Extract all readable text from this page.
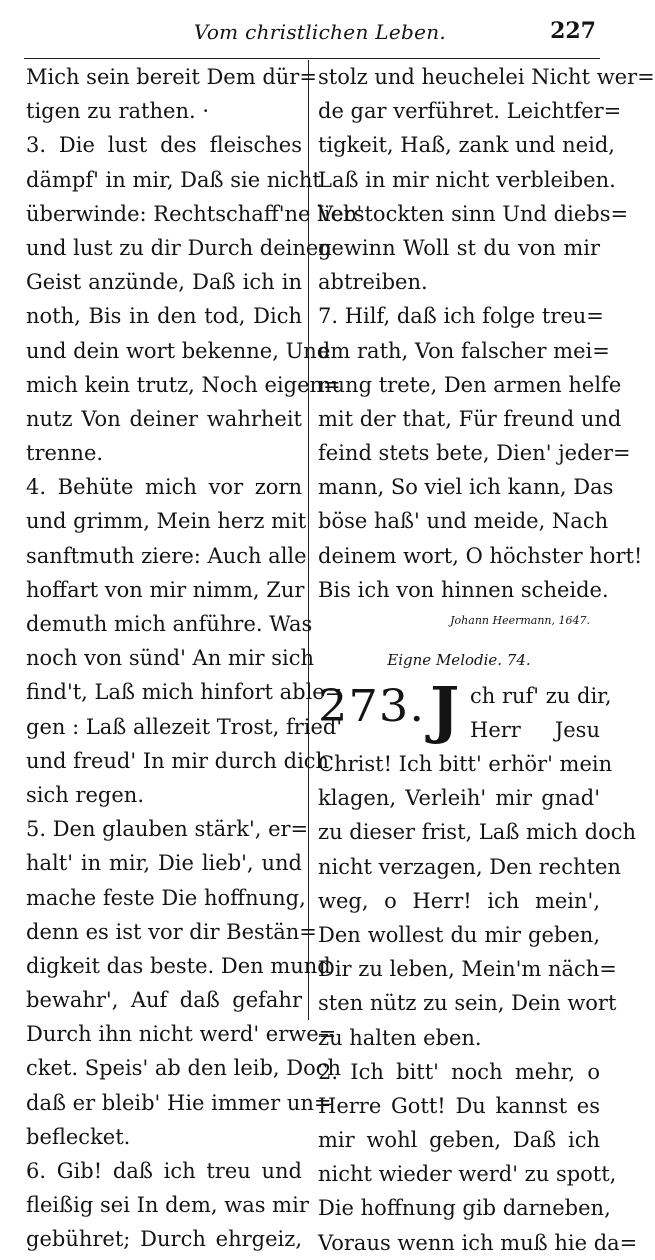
Vom christlichen Leben.	227
Mich sein bereit Dem dür=
tigen zu rathen. ·
3. Die lust des fleisches
dämpf' in mir, Daß sie nicht
überwinde: Rechtschaff'ne lieb'
und lust zu dir Durch deinen
Geist anzünde, Daß ich in
noth, Bis in den tod, Dich
und dein wort bekenne, Und
mich kein trutz, Noch eigen=
nutz Von deiner wahrheit
trenne.
4. Behüte mich vor zorn
und grimm, Mein herz mit
sanftmuth ziere: Auch alle
hoffart von mir nimm, Zur
demuth mich anführe. Was
noch von sünd' An mir sich
find't, Laß mich hinfort able=
gen : Laß allezeit Trost, fried'
und freud' In mir durch dich
sich regen.
5. Den glauben stärk', er=
halt' in mir, Die lieb', und
mache feste Die hoffnung,
denn es ist vor dir Bestän=
digkeit das beste. Den mund
bewahr', Auf daß gefahr
Durch ihn nicht werd' erwe=
cket. Speis' ab den leib, Doch
daß er bleib' Hie immer un=
beflecket.
6. Gib! daß ich treu und
fleißig sei In dem, was mir
gebühret; Durch ehrgeiz,
stolz und heuchelei Nicht wer=
de gar verführet. Leichtfer=
tigkeit, Haß, zank und neid,
Laß in mir nicht verbleiben.
Verstockten sinn Und diebs=
gewinn Woll st du von mir
abtreiben.
7. Hilf, daß ich folge treu=
em rath, Von falscher mei=
nung trete, Den armen helfe
mit der that, Für freund und
feind stets bete, Dien' jeder=
mann, So viel ich kann, Das
böse haß' und meide, Nach
deinem wort, O höchster hort!
Bis ich von hinnen scheide.
Johann Heermann, 1647.
Eigne Melodie. 74.
273. J ch ruf' zu dir,
Herr Jesu
Christ! Ich bitt' erhör' mein
klagen, Verleih' mir gnad'
zu dieser frist, Laß mich doch
nicht verzagen, Den rechten
weg, o Herr! ich mein',
Den wollest du mir geben,
Dir zu leben, Mein'm näch=
sten nütz zu sein, Dein wort
zu halten eben.
2. Ich bitt' noch mehr, o
Herre Gott! Du kannst es
mir wohl geben, Daß ich
nicht wieder werd' zu spott,
Die hoffnung gib darneben,
Voraus wenn ich muß hie da=
